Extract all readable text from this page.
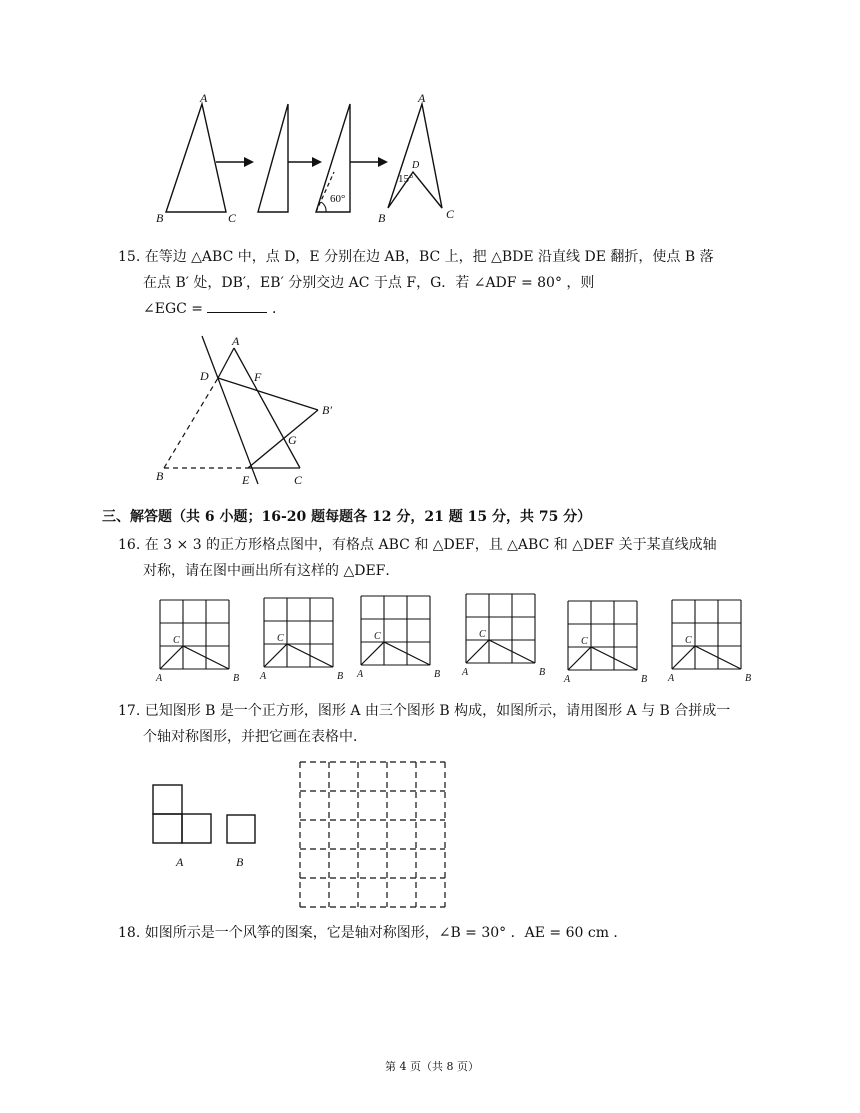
A
B	C
60°
A
D
15°
B	C
15. 在等边 △ABC 中，点 D，E 分别在边 AB，BC 上，把 △BDE 沿直线 DE 翻折，使点 B 落
在点 B′ 处，DB′，EB′ 分别交边 AC 于点 F，G．若 ∠ADF = 80° ，则
∠EGC =	．
A
D	F
B′
G
B	E	C
三、解答题（共 6 小题；16-20 题每题各 12 分，21 题 15 分，共 75 分）
16. 在 3 × 3 的正方形格点图中，有格点 ABC 和 △DEF，且 △ABC 和 △DEF 关于某直线成轴
对称，请在图中画出所有这样的 △DEF．
A	B
C
A	B
C
A	B
C
A	B
C
A	B
C
A	B
C
17. 已知图形 B 是一个正方形，图形 A 由三个图形 B 构成，如图所示，请用图形 A 与 B 合拼成一
个轴对称图形，并把它画在表格中．
A	B
18. 如图所示是一个风筝的图案，它是轴对称图形，∠B = 30° ．AE = 60 cm ．
第 4 页（共 8 页）
